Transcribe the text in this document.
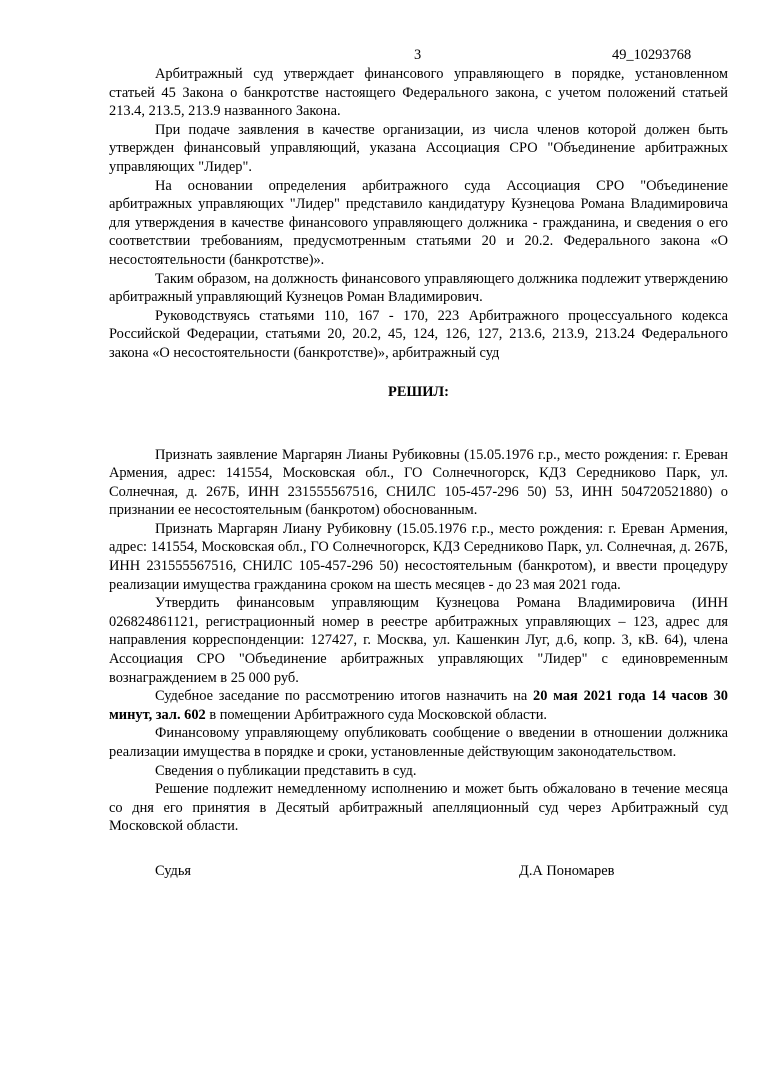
3	49_10293768

Арбитражный суд утверждает финансового управляющего в порядке, установленном статьей 45 Закона о банкротстве настоящего Федерального закона, с учетом положений статьей 213.4, 213.5, 213.9 названного Закона.

При подаче заявления в качестве организации, из числа членов которой должен быть утвержден финансовый управляющий, указана Ассоциация СРО "Объединение арбитражных управляющих "Лидер".

На основании определения арбитражного суда Ассоциация СРО "Объединение арбитражных управляющих "Лидер" представило кандидатуру Кузнецова Романа Владимировича для утверждения в качестве финансового управляющего должника - гражданина, и сведения о его соответствии требованиям, предусмотренным статьями 20 и 20.2. Федерального закона «О несостоятельности (банкротстве)».

Таким образом, на должность финансового управляющего должника подлежит утверждению арбитражный управляющий Кузнецов Роман Владимирович.

Руководствуясь статьями 110, 167 - 170, 223 Арбитражного процессуального кодекса Российской Федерации, статьями 20, 20.2, 45, 124, 126, 127, 213.6, 213.9, 213.24 Федерального закона «О несостоятельности (банкротстве)», арбитражный суд

РЕШИЛ:

Признать заявление Маргарян Лианы Рубиковны (15.05.1976 г.р., место рождения: г. Ереван Армения, адрес: 141554, Московская обл., ГО Солнечногорск, КДЗ Середниково Парк, ул. Солнечная, д. 267Б, ИНН 231555567516, СНИЛС 105-457-296 50) 53, ИНН 504720521880) о признании ее несостоятельным (банкротом) обоснованным.

Признать Маргарян Лиану Рубиковну (15.05.1976 г.р., место рождения: г. Ереван Армения, адрес: 141554, Московская обл., ГО Солнечногорск, КДЗ Середниково Парк, ул. Солнечная, д. 267Б, ИНН 231555567516, СНИЛС 105-457-296 50) несостоятельным (банкротом), и ввести процедуру реализации имущества гражданина сроком на шесть месяцев - до 23 мая 2021 года.

Утвердить финансовым управляющим Кузнецова Романа Владимировича (ИНН 026824861121, регистрационный номер в реестре арбитражных управляющих – 123, адрес для направления корреспонденции: 127427, г. Москва, ул. Кашенкин Луг, д.6, копр. 3, кВ. 64), члена Ассоциация СРО "Объединение арбитражных управляющих "Лидер" с единовременным вознаграждением в 25 000 руб.

Судебное заседание по рассмотрению итогов назначить на 20 мая 2021 года 14 часов 30 минут, зал. 602 в помещении Арбитражного суда Московской области.

Финансовому управляющему опубликовать сообщение о введении в отношении должника реализации имущества в порядке и сроки, установленные действующим законодательством.

Сведения о публикации представить в суд.

Решение подлежит немедленному исполнению и может быть обжаловано в течение месяца со дня его принятия в Десятый арбитражный апелляционный суд через Арбитражный суд Московской области.

Судья	Д.А Пономарев
